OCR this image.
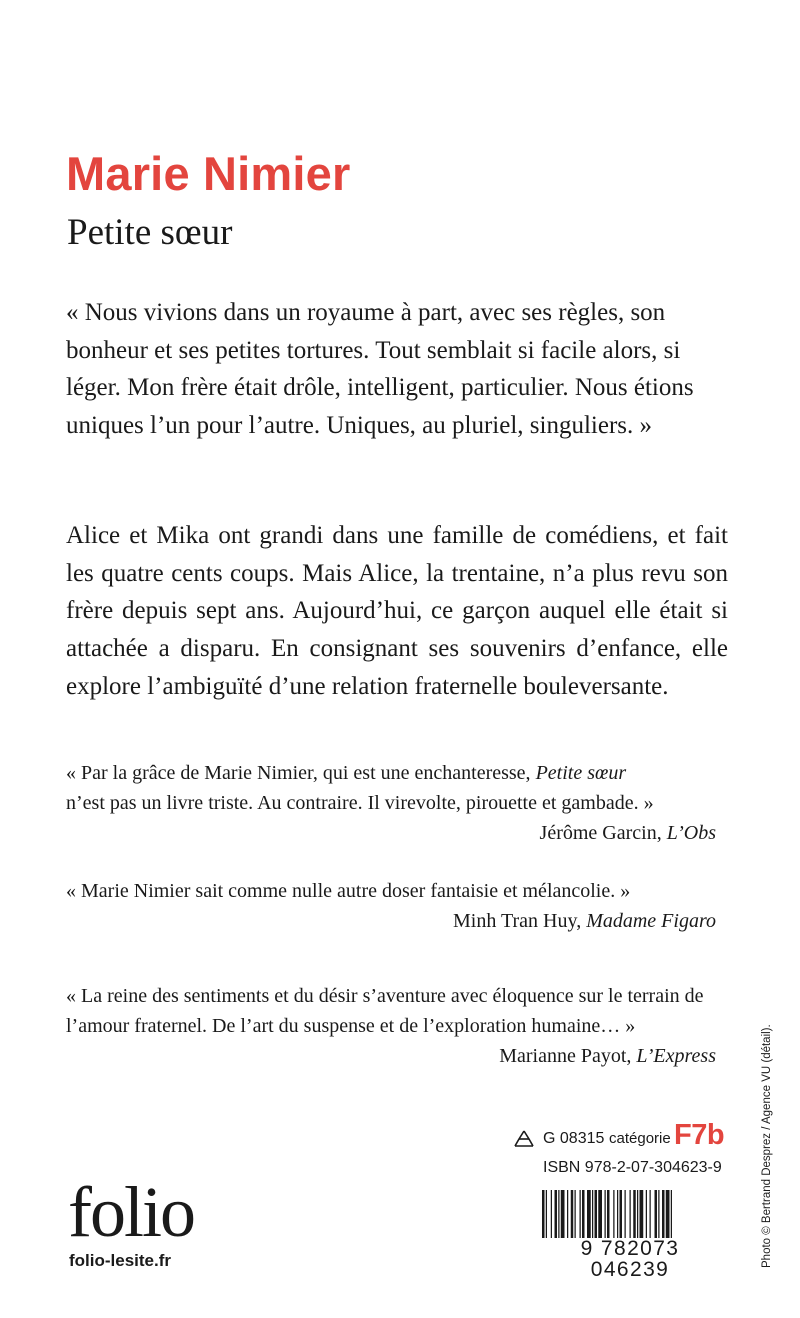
Marie Nimier
Petite sœur
« Nous vivions dans un royaume à part, avec ses règles, son bonheur et ses petites tortures. Tout semblait si facile alors, si léger. Mon frère était drôle, intelligent, particulier. Nous étions uniques l’un pour l’autre. Uniques, au pluriel, singuliers. »

Alice et Mika ont grandi dans une famille de comédiens, et fait les quatre cents coups. Mais Alice, la trentaine, n’a plus revu son frère depuis sept ans. Aujourd’hui, ce garçon auquel elle était si attachée a disparu. En consignant ses souvenirs d’enfance, elle explore l’ambiguïté d’une relation fraternelle bouleversante.

« Par la grâce de Marie Nimier, qui est une enchanteresse, Petite sœur
n’est pas un livre triste. Au contraire. Il virevolte, pirouette et gambade. »

Jérôme Garcin, L’Obs

« Marie Nimier sait comme nulle autre doser fantaisie et mélancolie. »

Minh Tran Huy, Madame Figaro

« La reine des sentiments et du désir s’aventure avec éloquence sur le terrain de l’amour fraternel. De l’art du suspense et de l’exploration humaine… »

Marianne Payot, L’Express

G 08315 catégorie F7b
ISBN 978-2-07-304623-9
9 782073 046239
folio
folio-lesite.fr	Photo © Bertrand Desprez / Agence VU (détail).
